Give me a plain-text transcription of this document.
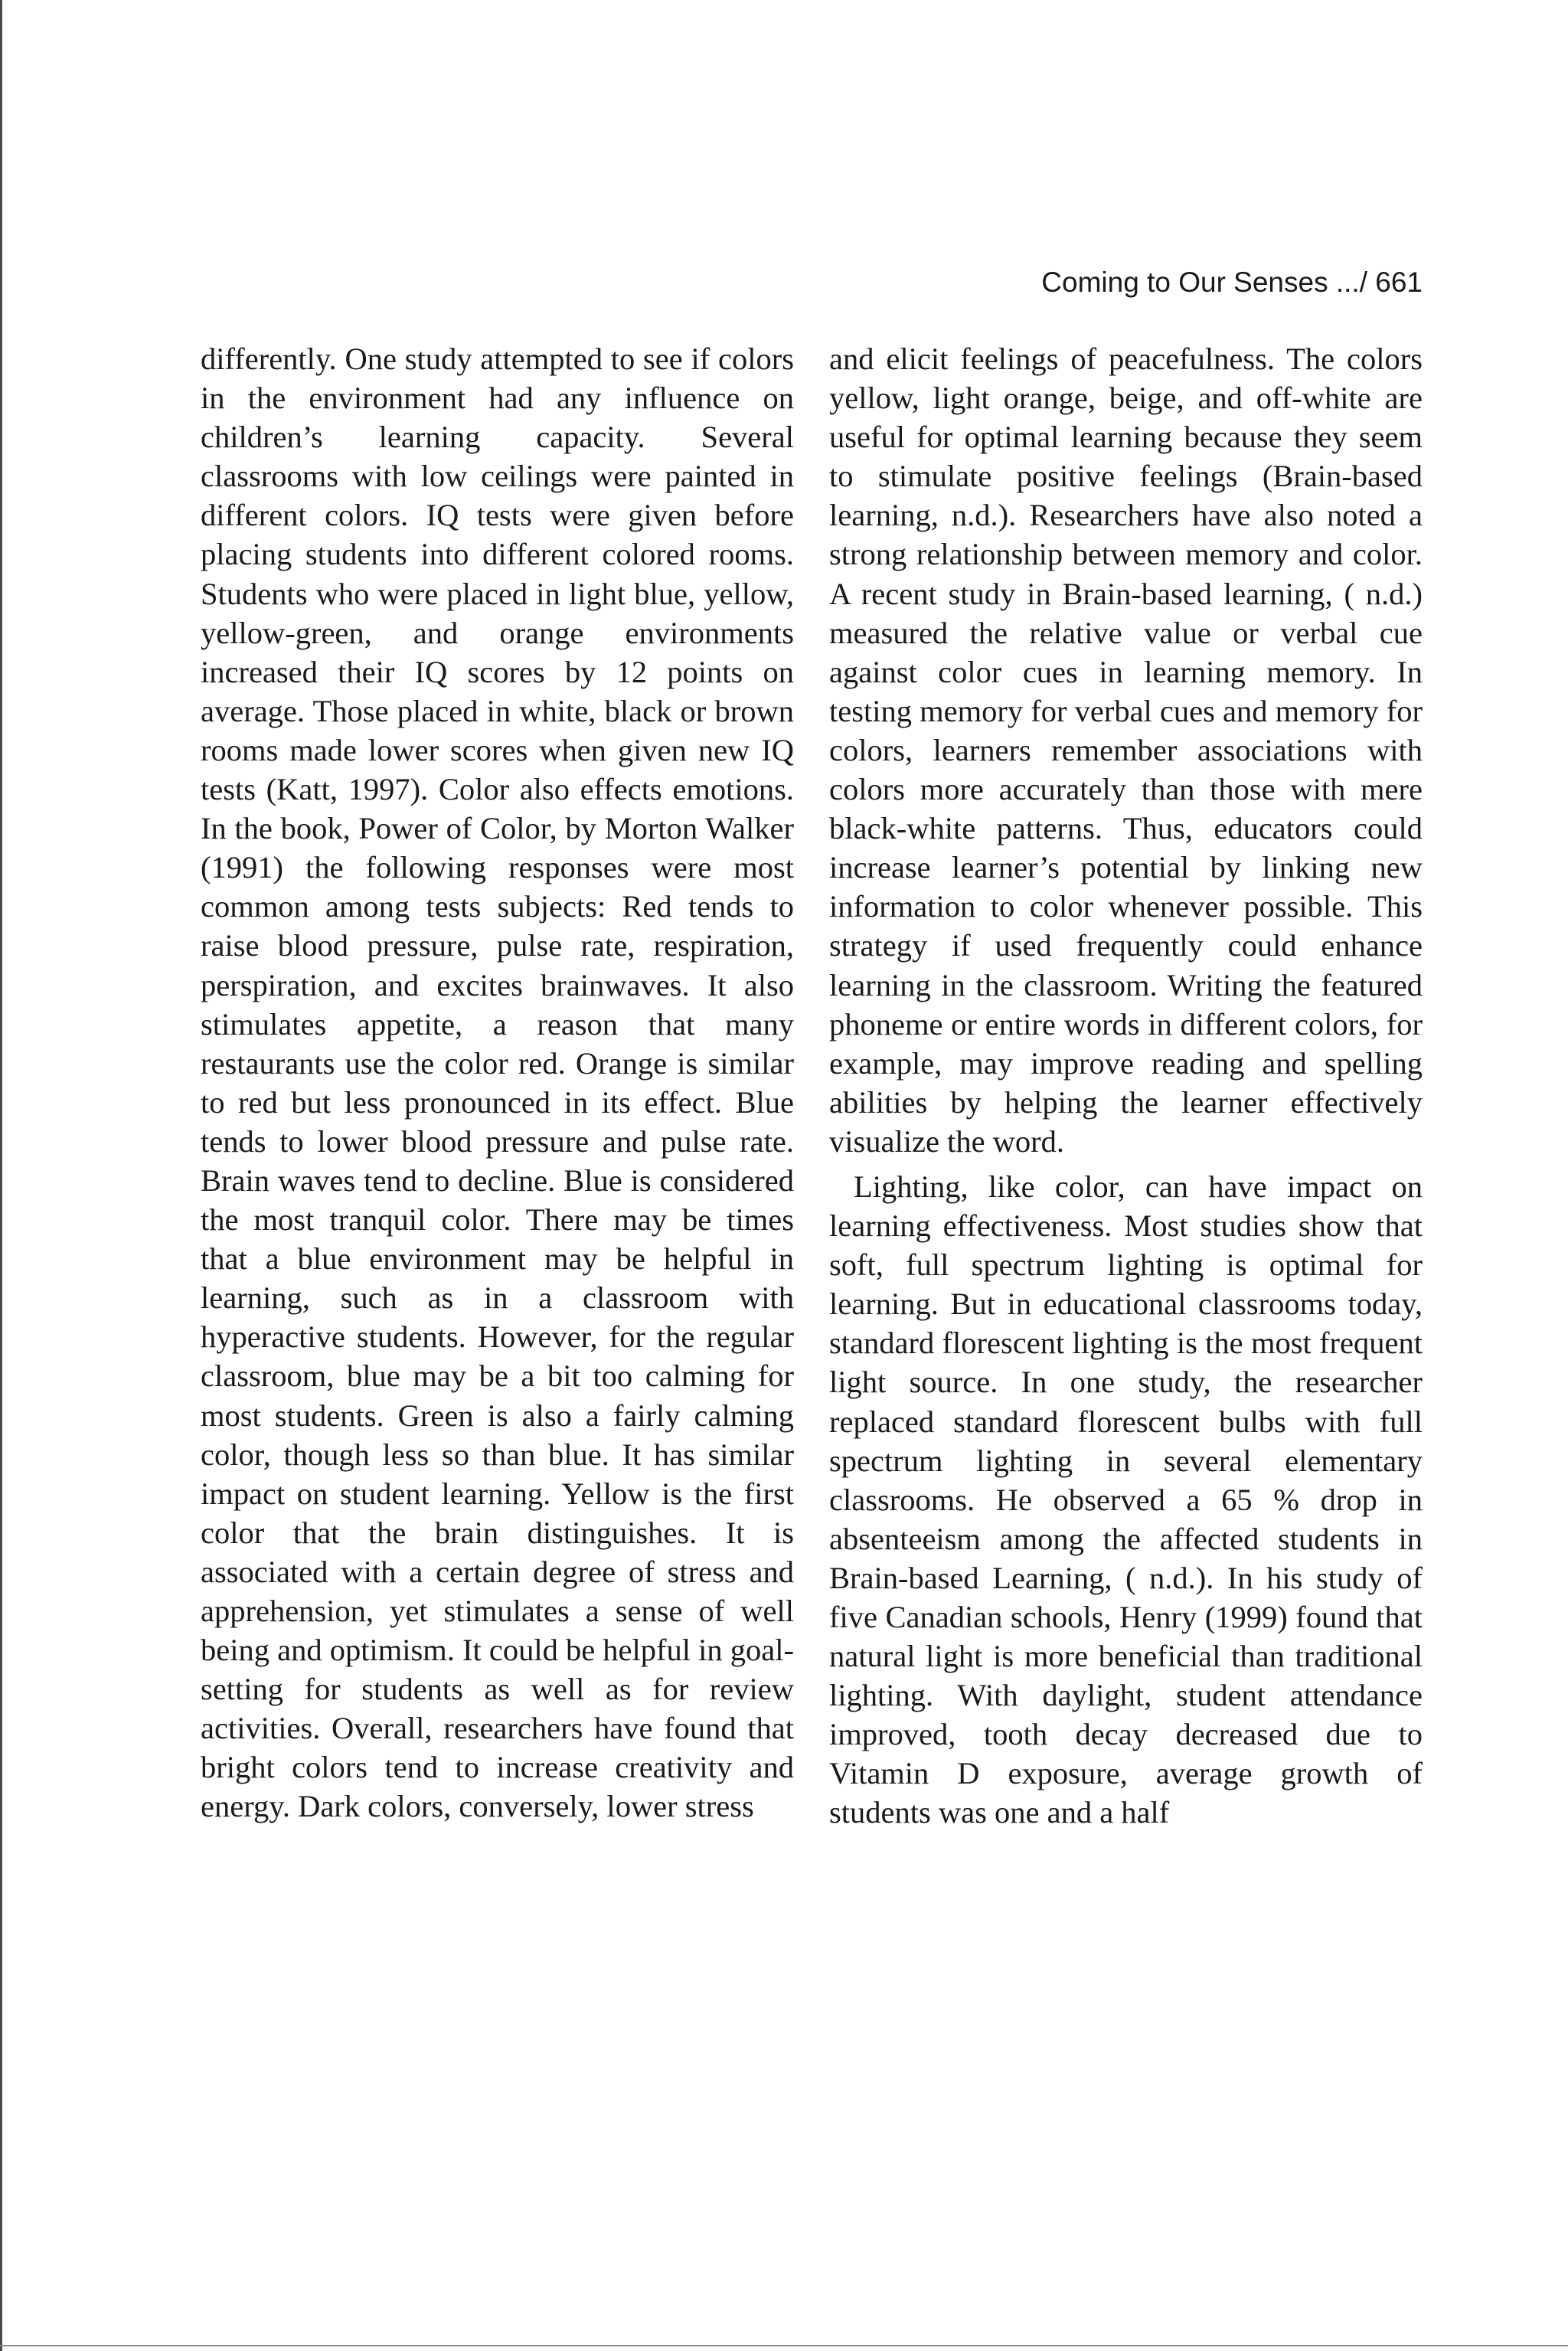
Coming to Our Senses .../ 661

differently. One study attempted to see if colors in the environment had any influence on children’s learning capacity. Several classrooms with low ceilings were painted in different colors. IQ tests were given before placing students into different colored rooms. Students who were placed in light blue, yellow, yellow-green, and orange environments increased their IQ scores by 12 points on average. Those placed in white, black or brown rooms made lower scores when given new IQ tests (Katt, 1997). Color also effects emotions. In the book, Power of Color, by Morton Walker (1991) the following responses were most common among tests subjects: Red tends to raise blood pressure, pulse rate, respiration, perspiration, and excites brainwaves. It also stimulates appetite, a reason that many restaurants use the color red. Orange is similar to red but less pronounced in its effect. Blue tends to lower blood pressure and pulse rate. Brain waves tend to decline. Blue is considered the most tranquil color. There may be times that a blue environment may be helpful in learning, such as in a classroom with hyperactive students. However, for the regular classroom, blue may be a bit too calming for most students. Green is also a fairly calming color, though less so than blue. It has similar impact on student learning. Yellow is the first color that the brain distinguishes. It is associated with a certain degree of stress and apprehension, yet stimulates a sense of well being and optimism. It could be helpful in goal-setting for students as well as for review activities. Overall, researchers have found that bright colors tend to increase creativity and energy. Dark colors, conversely, lower stress

and elicit feelings of peacefulness. The colors yellow, light orange, beige, and off-white are useful for optimal learning because they seem to stimulate positive feelings (Brain-based learning, n.d.). Researchers have also noted a strong relationship between memory and color. A recent study in Brain-based learning, ( n.d.) measured the relative value or verbal cue against color cues in learning memory. In testing memory for verbal cues and memory for colors, learners remember associations with colors more accurately than those with mere black-white patterns. Thus, educators could increase learner’s potential by linking new information to color whenever possible. This strategy if used frequently could enhance learning in the classroom. Writing the featured phoneme or entire words in different colors, for example, may improve reading and spelling abilities by helping the learner effectively visualize the word.

Lighting, like color, can have impact on learning effectiveness. Most studies show that soft, full spectrum lighting is optimal for learning. But in educational classrooms today, standard florescent lighting is the most frequent light source. In one study, the researcher replaced standard florescent bulbs with full spectrum lighting in several elementary classrooms. He observed a 65 % drop in absenteeism among the affected students in Brain-based Learning, ( n.d.). In his study of five Canadian schools, Henry (1999) found that natural light is more beneficial than traditional lighting. With daylight, student attendance improved, tooth decay decreased due to Vitamin D exposure, average growth of students was one and a half
